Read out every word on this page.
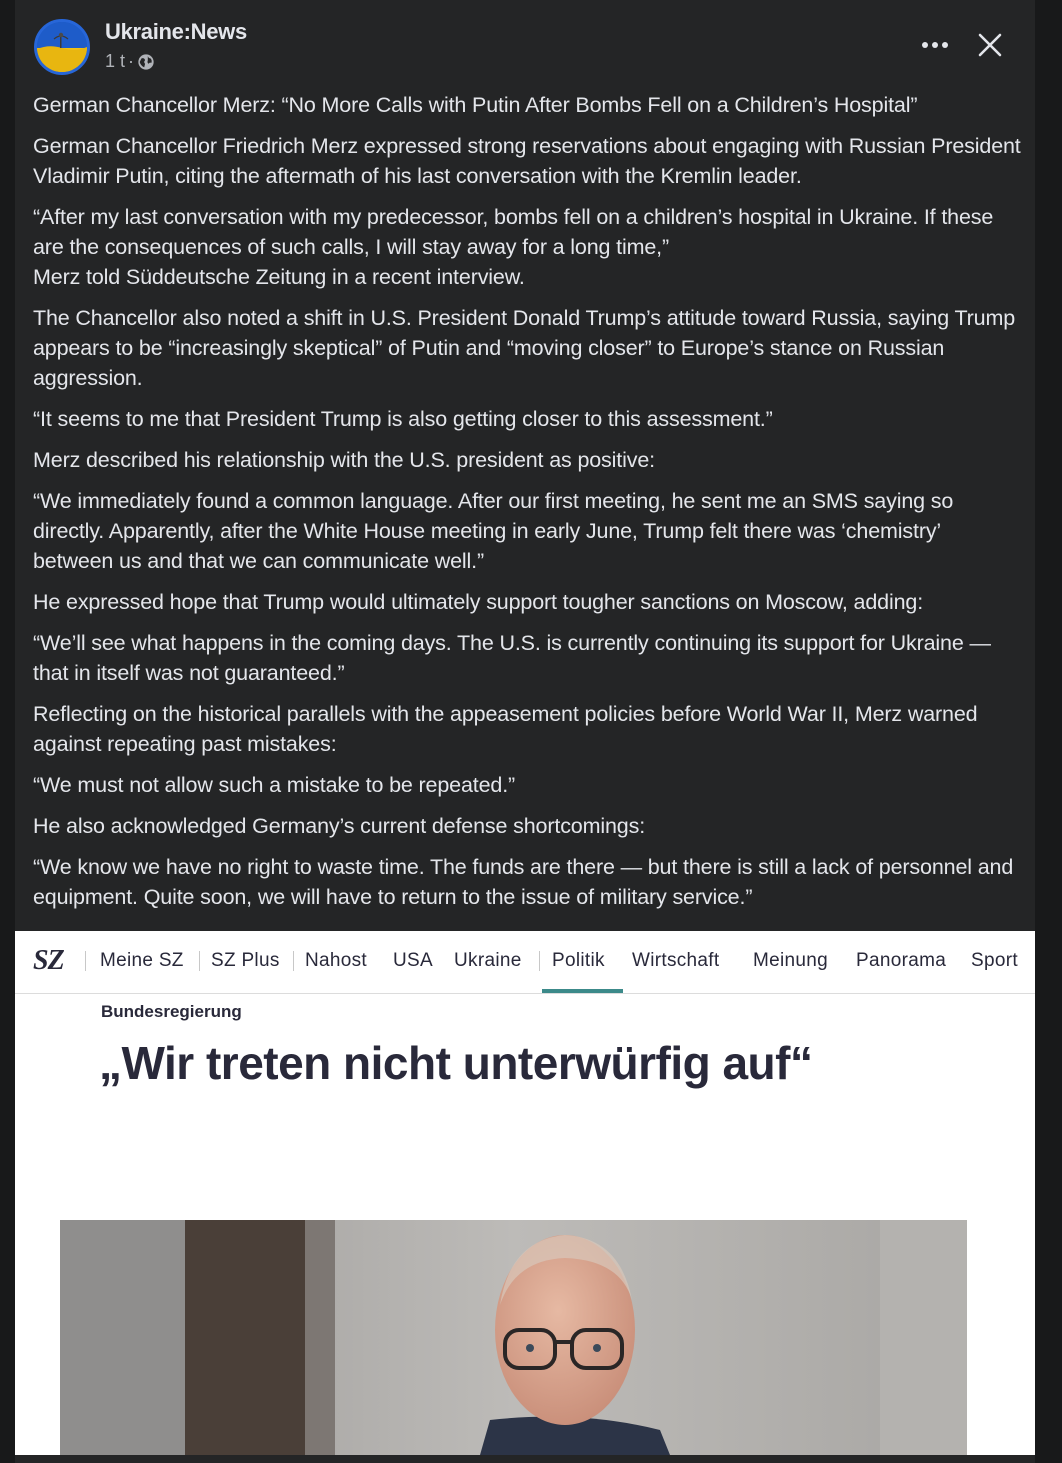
Ukraine:News
1 t ·

German Chancellor Merz: “No More Calls with Putin After Bombs Fell on a Children’s Hospital”

German Chancellor Friedrich Merz expressed strong reservations about engaging with Russian President Vladimir Putin, citing the aftermath of his last conversation with the Kremlin leader.

“After my last conversation with my predecessor, bombs fell on a children’s hospital in Ukraine. If these are the consequences of such calls, I will stay away for a long time,”
Merz told Süddeutsche Zeitung in a recent interview.

The Chancellor also noted a shift in U.S. President Donald Trump’s attitude toward Russia, saying Trump appears to be “increasingly skeptical” of Putin and “moving closer” to Europe’s stance on Russian aggression.

“It seems to me that President Trump is also getting closer to this assessment.”

Merz described his relationship with the U.S. president as positive:

“We immediately found a common language. After our first meeting, he sent me an SMS saying so directly. Apparently, after the White House meeting in early June, Trump felt there was ‘chemistry’ between us and that we can communicate well.”

He expressed hope that Trump would ultimately support tougher sanctions on Moscow, adding:

“We’ll see what happens in the coming days. The U.S. is currently continuing its support for Ukraine — that in itself was not guaranteed.”

Reflecting on the historical parallels with the appeasement policies before World War II, Merz warned against repeating past mistakes:

“We must not allow such a mistake to be repeated.”

He also acknowledged Germany’s current defense shortcomings:

“We know we have no right to waste time. The funds are there — but there is still a lack of personnel and equipment. Quite soon, we will have to return to the issue of military service.”

SZ Meine SZ SZ Plus Nahost USA Ukraine Politik Wirtschaft Meinung Panorama Sport
Bundesregierung
„Wir treten nicht unterwürfig auf“
